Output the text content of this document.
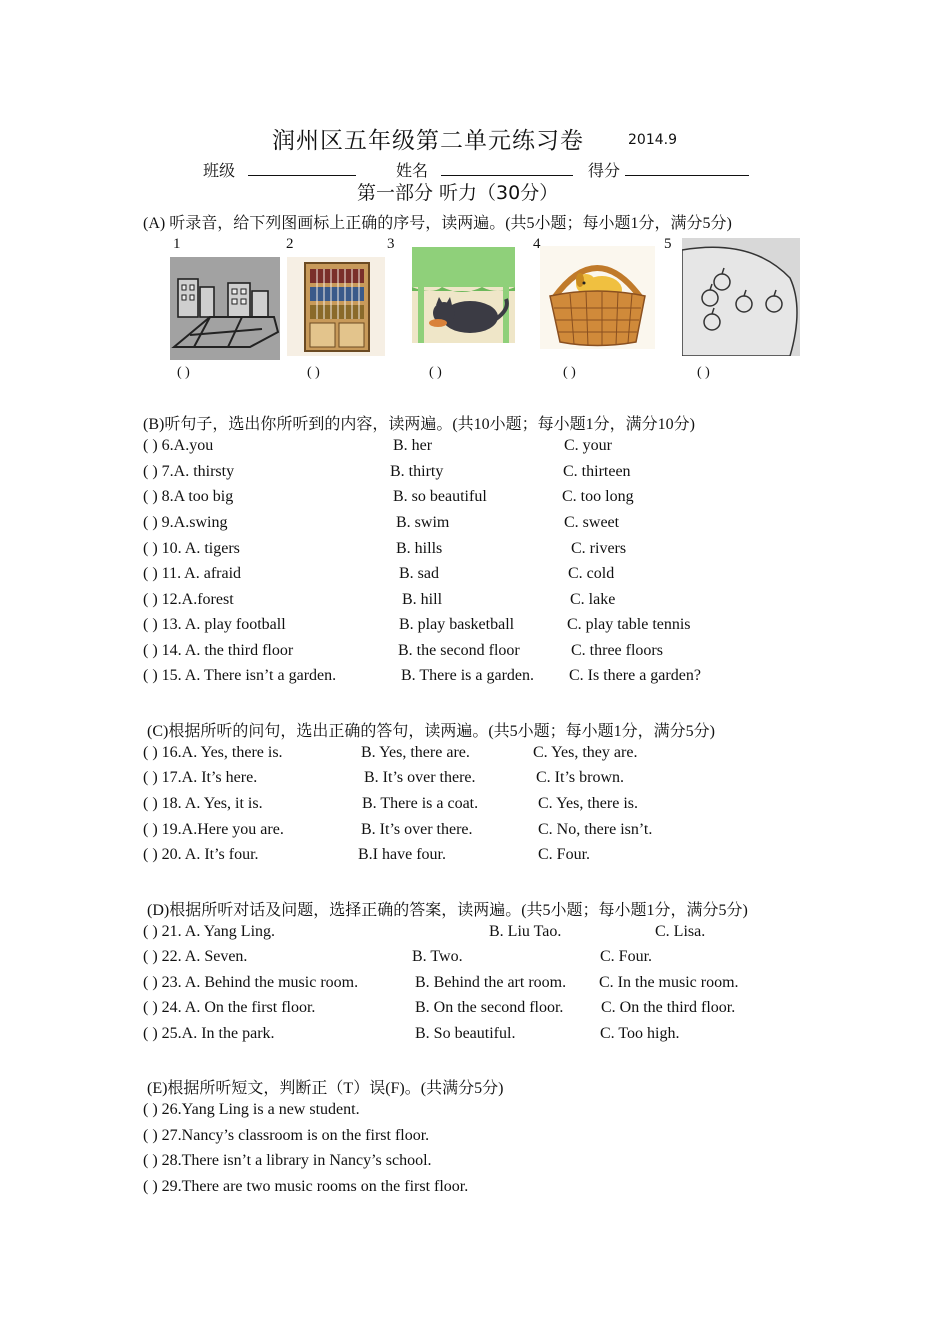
润州区五年级第二单元练习卷	2014.9
班级	姓名	得分
第一部分 听力（30分）
(A) 听录音，给下列图画标上正确的序号，读两遍。(共5小题；每小题1分，满分5分)
1	2	3	4	5
( )	( )	( )	( )	( )
(B)听句子，选出你所听到的内容，读两遍。(共10小题；每小题1分，满分10分)
( ) 6.A.you	B. her	C. your
( ) 7.A. thirsty	B. thirty	C. thirteen
( ) 8.A too big	B. so beautiful	C. too long
( ) 9.A.swing	B. swim	C. sweet
( ) 10. A. tigers	B. hills	C. rivers
( ) 11. A. afraid	B. sad	C. cold
( ) 12.A.forest	B. hill	C. lake
( ) 13. A. play football	B. play basketball	C. play table tennis
( ) 14. A. the third floor	B. the second floor	C. three floors
( ) 15. A. There isn’t a garden.	B. There is a garden. C. Is there a garden?
(C)根据所听的问句，选出正确的答句，读两遍。(共5小题；每小题1分，满分5分)
( ) 16.A. Yes, there is.	B. Yes, there are.	C. Yes, they are.
( ) 17.A. It’s here.	B. It’s over there.	C. It’s brown.
( ) 18. A. Yes, it is.	B. There is a coat.	C. Yes, there is.
( ) 19.A.Here you are.	B. It’s over there.	C. No, there isn’t.
( ) 20. A. It’s four.	B.I have four.	C. Four.
(D)根据所听对话及问题，选择正确的答案，读两遍。(共5小题；每小题1分，满分5分)
( ) 21. A. Yang Ling.	B. Liu Tao.	C. Lisa.
( ) 22. A. Seven.	B. Two.	C. Four.
( ) 23. A. Behind the music room.	B. Behind the art room. C. In the music room.
( ) 24. A. On the first floor.	B. On the second floor. C. On the third floor.
( ) 25.A. In the park.	B. So beautiful.	C. Too high.
(E)根据所听短文，判断正（T）误(F)。(共满分5分)
( ) 26.Yang Ling is a new student.
( ) 27.Nancy’s classroom is on the first floor.
( ) 28.There isn’t a library in Nancy’s school.
( ) 29.There are two music rooms on the first floor.
